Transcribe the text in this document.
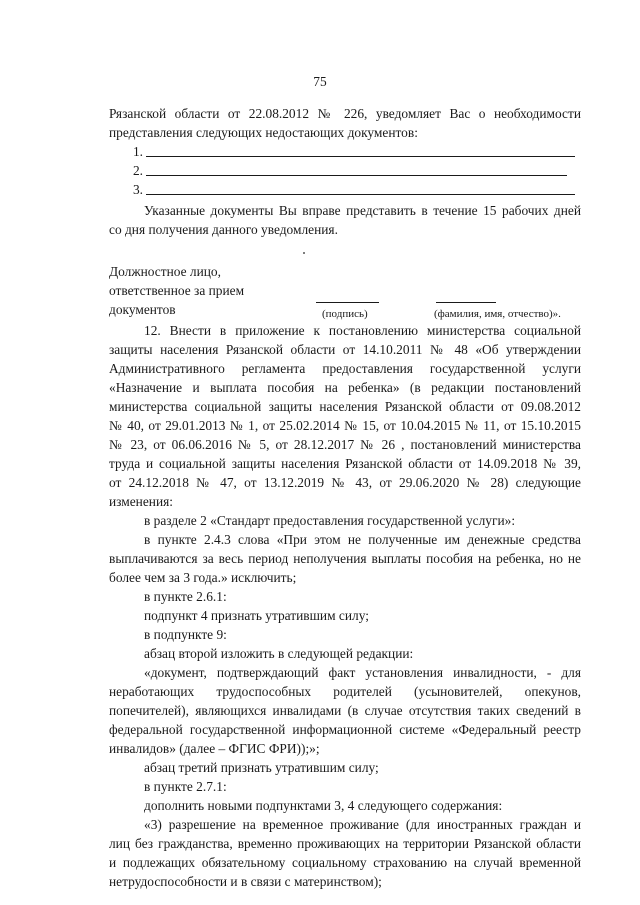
75

Рязанской области от 22.08.2012 № 226, уведомляет Вас о необходимости

представления следующих недостающих документов:

1.
2.
3.

Указанные документы Вы вправе представить в течение 15 рабочих дней

со дня получения данного уведомления.

Должностное лицо,

ответственное за прием

документов	(подпись)	(фамилия, имя, отчество)».

12. Внести в приложение к постановлению министерства социальной

защиты населения Рязанской области от 14.10.2011 № 48 «Об утверждении

Административного регламента предоставления государственной услуги

«Назначение и выплата пособия на ребенка» (в редакции постановлений

министерства социальной защиты населения Рязанской области от 09.08.2012

№ 40, от 29.01.2013 № 1, от 25.02.2014 № 15, от 10.04.2015 № 11, от 15.10.2015

№ 23, от 06.06.2016 № 5, от 28.12.2017 № 26 , постановлений министерства

труда и социальной защиты населения Рязанской области от 14.09.2018 № 39,

от 24.12.2018 № 47, от 13.12.2019 № 43, от 29.06.2020 № 28) следующие

изменения:

в разделе 2 «Стандарт предоставления государственной услуги»:

в пункте 2.4.3 слова «При этом не полученные им денежные средства

выплачиваются за весь период неполучения выплаты пособия на ребенка, но не

более чем за 3 года.» исключить;

в пункте 2.6.1:

подпункт 4 признать утратившим силу;

в подпункте 9:

абзац второй изложить в следующей редакции:

«документ, подтверждающий факт установления инвалидности, - для

неработающих    трудоспособных    родителей    (усыновителей,    опекунов,

попечителей), являющихся инвалидами (в случае отсутствия таких сведений в

федеральной государственной информационной системе «Федеральный реестр

инвалидов» (далее – ФГИС ФРИ));»;

абзац третий признать утратившим силу;

в пункте 2.7.1:

дополнить новыми подпунктами 3, 4 следующего содержания:

«3) разрешение на временное проживание (для иностранных граждан и

лиц без гражданства, временно проживающих на территории Рязанской области

и подлежащих обязательному социальному страхованию на случай временной

нетрудоспособности и в связи с материнством);
